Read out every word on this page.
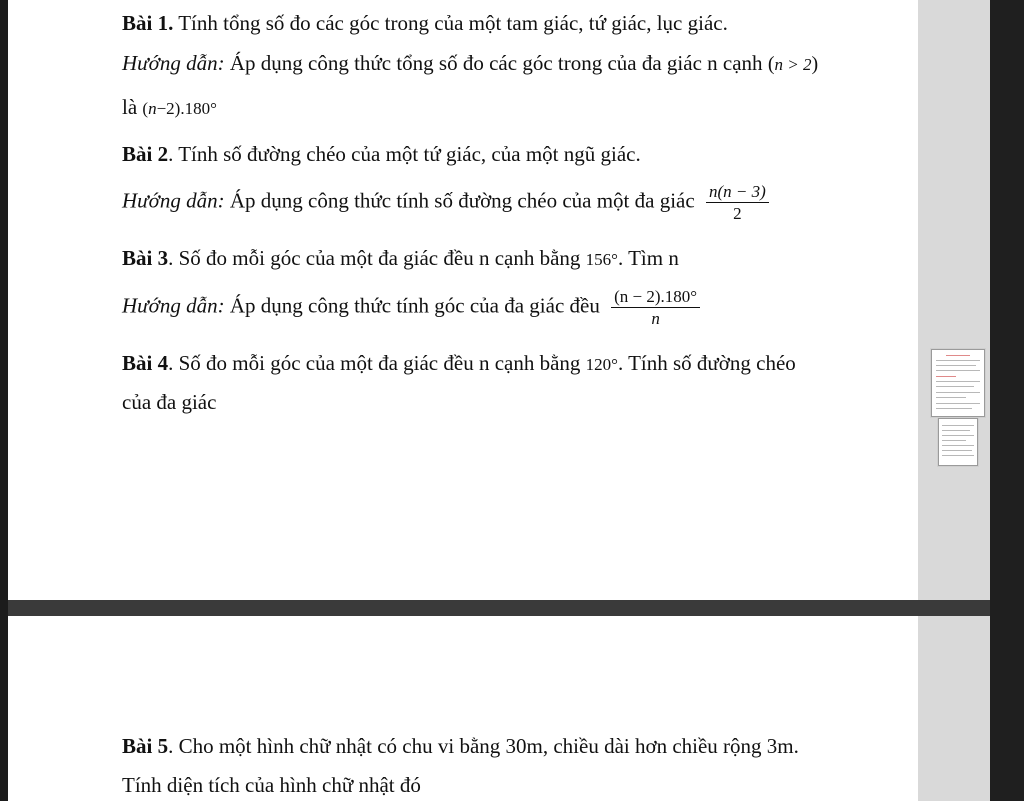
Bài 1. Tính tổng số đo các góc trong của một tam giác, tứ giác, lục giác.
Hướng dẫn: Áp dụng công thức tổng số đo các góc trong của đa giác n cạnh (n > 2)
là (n−2).180°
Bài 2. Tính số đường chéo của một tứ giác, của một ngũ giác.
Hướng dẫn: Áp dụng công thức tính số đường chéo của một đa giác $\frac{n(n - 3)}{2}$
Bài 3. Số đo mỗi góc của một đa giác đều n cạnh bằng 156°. Tìm n
Hướng dẫn: Áp dụng công thức tính góc của đa giác đều $\frac{(n - 2).180^\circ}{n}$
Bài 4. Số đo mỗi góc của một đa giác đều n cạnh bằng 120°. Tính số đường chéo
của đa giác
Bài 5. Cho một hình chữ nhật có chu vi bằng 30m, chiều dài hơn chiều rộng 3m.
Tính diện tích của hình chữ nhật đó
